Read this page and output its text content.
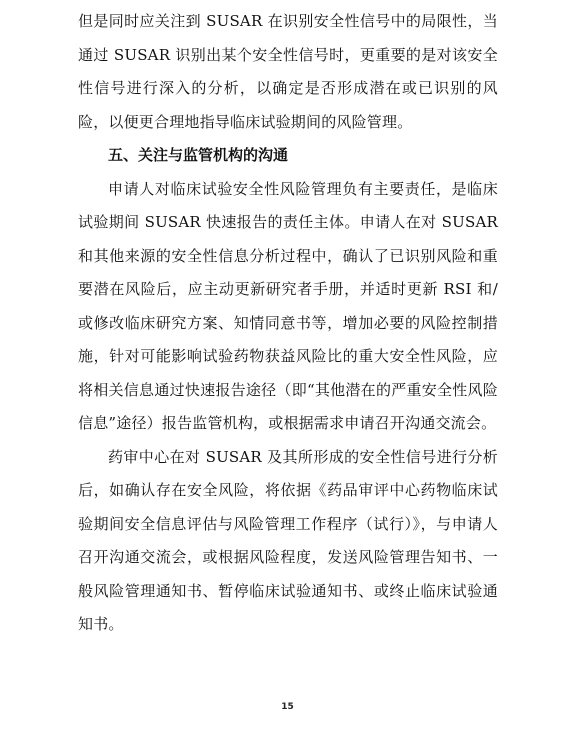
但是同时应关注到 SUSAR 在识别安全性信号中的局限性，当通过 SUSAR 识别出某个安全性信号时，更重要的是对该安全性信号进行深入的分析，以确定是否形成潜在或已识别的风险，以便更合理地指导临床试验期间的风险管理。

五、关注与监管机构的沟通

申请人对临床试验安全性风险管理负有主要责任，是临床试验期间 SUSAR 快速报告的责任主体。申请人在对 SUSAR 和其他来源的安全性信息分析过程中，确认了已识别风险和重要潜在风险后，应主动更新研究者手册，并适时更新 RSI 和/或修改临床研究方案、知情同意书等，增加必要的风险控制措施，针对可能影响试验药物获益风险比的重大安全性风险，应将相关信息通过快速报告途径（即“其他潜在的严重安全性风险信息”途径）报告监管机构，或根据需求申请召开沟通交流会。

药审中心在对 SUSAR 及其所形成的安全性信号进行分析后，如确认存在安全风险，将依据《药品审评中心药物临床试验期间安全信息评估与风险管理工作程序（试行）》，与申请人召开沟通交流会，或根据风险程度，发送风险管理告知书、一般风险管理通知书、暂停临床试验通知书、或终止临床试验通知书。

15
